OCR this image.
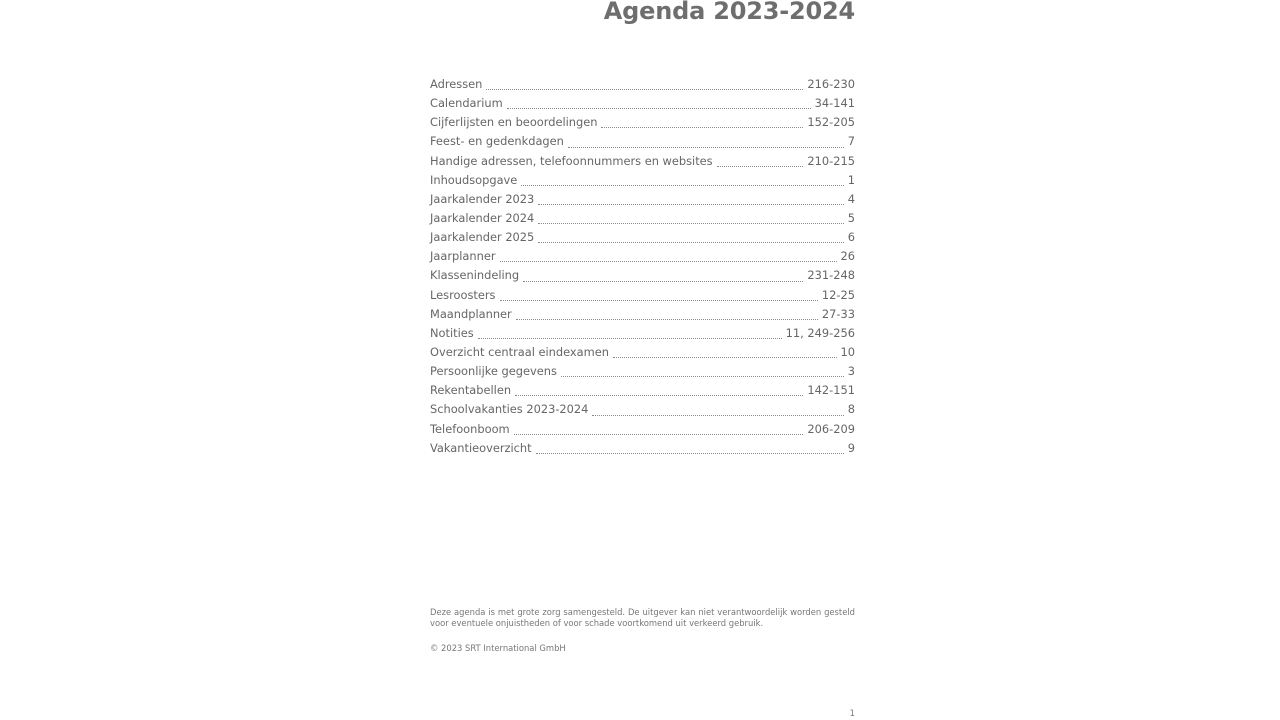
Agenda 2023-2024
Adressen	216-230
Calendarium	34-141
Cijferlijsten en beoordelingen	152-205
Feest- en gedenkdagen	7
Handige adressen, telefoonnummers en websites	210-215
Inhoudsopgave	1
Jaarkalender 2023	4
Jaarkalender 2024	5
Jaarkalender 2025	6
Jaarplanner	26
Klassenindeling	231-248
Lesroosters	12-25
Maandplanner	27-33
Notities	11, 249-256
Overzicht centraal eindexamen	10
Persoonlijke gegevens	3
Rekentabellen	142-151
Schoolvakanties 2023-2024	8
Telefoonboom	206-209
Vakantieoverzicht	9

Deze agenda is met grote zorg samengesteld. De uitgever kan niet verantwoordelijk worden gesteld voor eventuele onjuistheden of voor schade voortkomend uit verkeerd gebruik.

© 2023 SRT International GmbH
1
